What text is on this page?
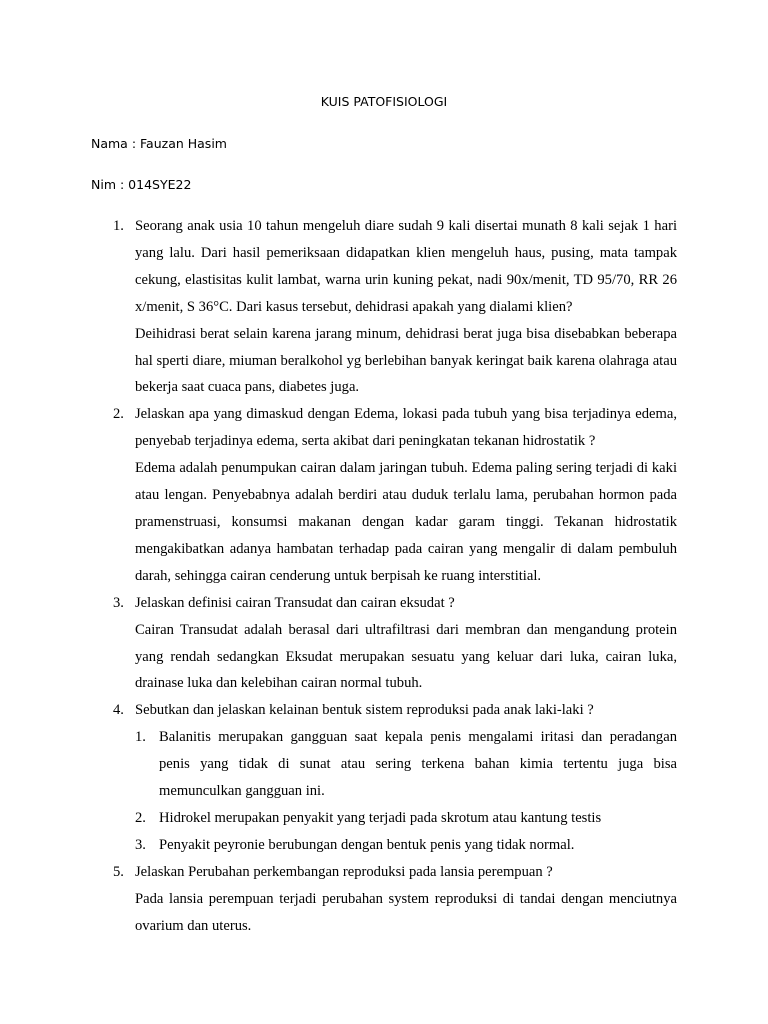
KUIS PATOFISIOLOGI
Nama : Fauzan Hasim
Nim : 014SYE22
1. Seorang anak usia 10 tahun mengeluh diare sudah 9 kali disertai munath 8 kali sejak 1 hari yang lalu. Dari hasil pemeriksaan didapatkan klien mengeluh haus, pusing, mata tampak cekung, elastisitas kulit lambat, warna urin kuning pekat, nadi 90x/menit, TD 95/70, RR 26 x/menit, S 36°C. Dari kasus tersebut, dehidrasi apakah yang dialami klien?

Deihidrasi berat selain karena jarang minum, dehidrasi berat juga bisa disebabkan beberapa hal sperti diare, miuman beralkohol yg berlebihan banyak keringat baik karena olahraga atau bekerja saat cuaca pans, diabetes juga.

2. Jelaskan apa yang dimaskud dengan Edema, lokasi pada tubuh yang bisa terjadinya edema, penyebab terjadinya edema, serta akibat dari peningkatan tekanan hidrostatik ?

Edema adalah penumpukan cairan dalam jaringan tubuh. Edema paling sering terjadi di kaki atau lengan. Penyebabnya adalah berdiri atau duduk terlalu lama, perubahan hormon pada pramenstruasi, konsumsi makanan dengan kadar garam tinggi. Tekanan hidrostatik mengakibatkan adanya hambatan terhadap pada cairan yang mengalir di dalam pembuluh darah, sehingga cairan cenderung untuk berpisah ke ruang interstitial.

3. Jelaskan definisi cairan Transudat dan cairan eksudat ?

Cairan Transudat adalah berasal dari ultrafiltrasi dari membran dan mengandung protein yang rendah sedangkan Eksudat merupakan sesuatu yang keluar dari luka, cairan luka, drainase luka dan kelebihan cairan normal tubuh.

4. Sebutkan dan jelaskan kelainan bentuk sistem reproduksi pada anak laki-laki ?

1. Balanitis merupakan gangguan saat kepala penis mengalami iritasi dan peradangan penis yang tidak di sunat atau sering terkena bahan kimia tertentu juga bisa memunculkan gangguan ini.

2. Hidrokel merupakan penyakit yang terjadi pada skrotum atau kantung testis

3. Penyakit peyronie berubungan dengan bentuk penis yang tidak normal.

5. Jelaskan Perubahan perkembangan reproduksi pada lansia perempuan ?

Pada lansia perempuan terjadi perubahan system reproduksi di tandai dengan menciutnya ovarium dan uterus.
